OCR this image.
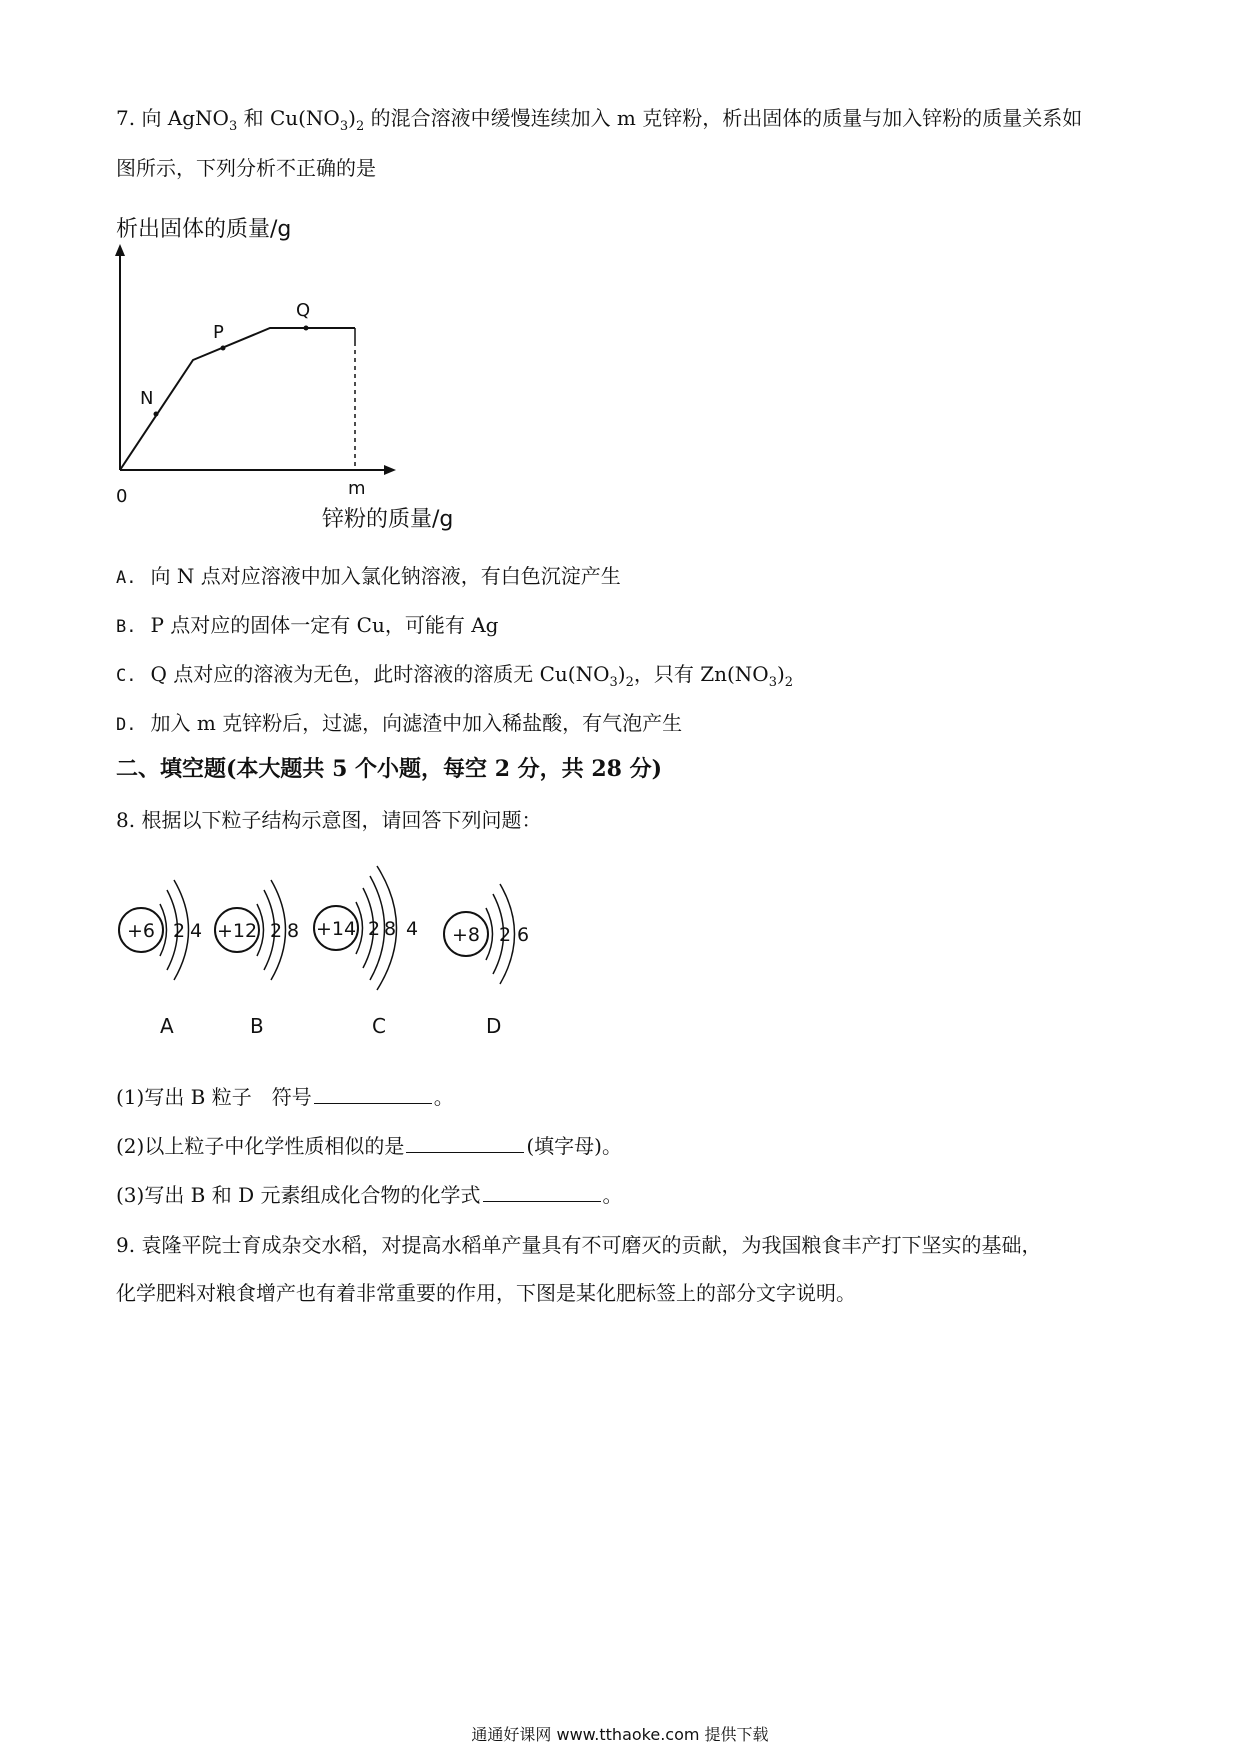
7. 向 AgNO$_3$ 和 $Cu(NO_3)_2$ 的混合溶液中缓慢连续加入 m 克锌粉，析出固体的质量与加入锌粉的质量关系如
图所示，下列分析不正确的是
析出固体的质量/g
N
P
Q
0	m
锌粉的质量/g
A. 向 N 点对应溶液中加入氯化钠溶液，有白色沉淀产生
B. P 点对应的固体一定有 Cu，可能有 Ag
C. Q 点对应的溶液为无色，此时溶液的溶质无 $Cu(NO_3)_2$，只有 $Zn(NO_3)_2$
D. 加入 m 克锌粉后，过滤，向滤渣中加入稀盐酸，有气泡产生
二、填空题(本大题共 5 个小题，每空 2 分，共 28 分)
8. 根据以下粒子结构示意图，请回答下列问题：
+6 2 4
A
+12 2 8
B
+14 2 8 4
C
+8 2 6
D
(1)写出 B 粒子　符号	。
(2)以上粒子中化学性质相似的是	(填字母)。
(3)写出 B 和 D 元素组成化合物的化学式	。
9. 袁隆平院士育成杂交水稻，对提高水稻单产量具有不可磨灭的贡献，为我国粮食丰产打下坚实的基础，
化学肥料对粮食增产也有着非常重要的作用，下图是某化肥标签上的部分文字说明。
通通好课网 www.tthaoke.com 提供下载
